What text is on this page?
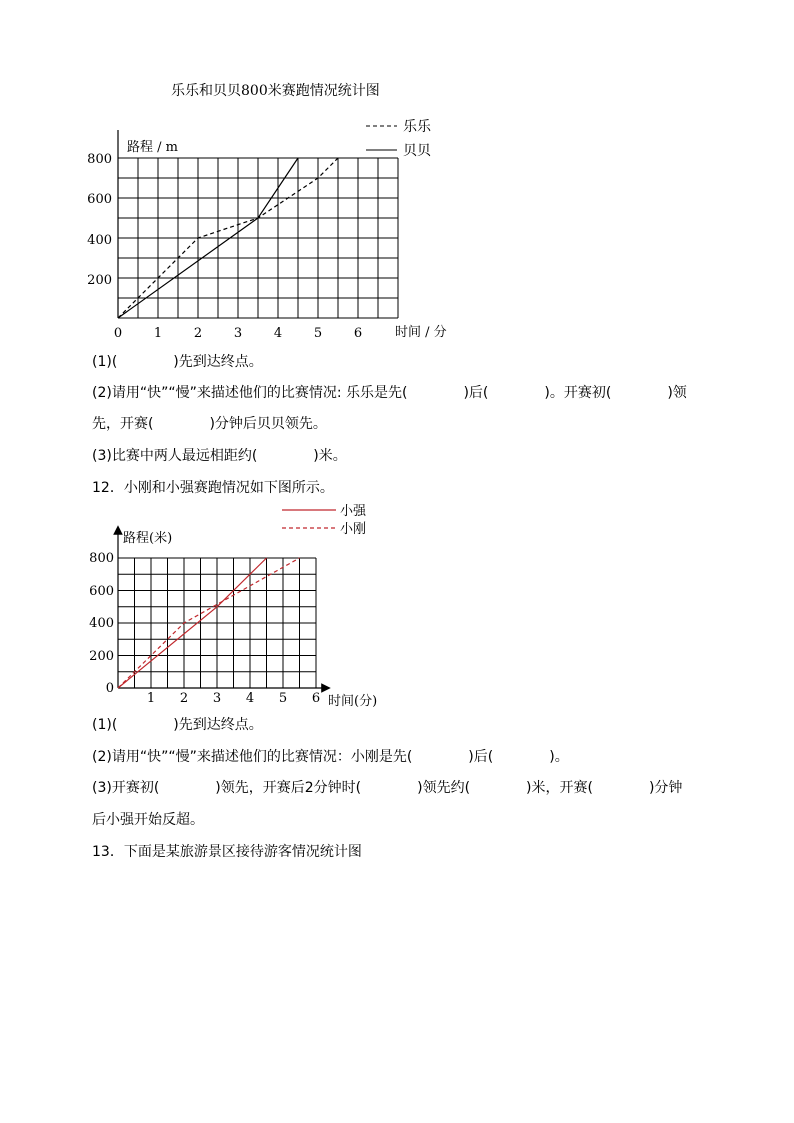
乐乐和贝贝800米赛跑情况统计图
乐乐
贝贝
路程 / m
时间 / 分
0 1 2 3 4 5 6
200
400
600
800
(1)(　　　　)先到达终点。
(2)请用“快”“慢”来描述他们的比赛情况: 乐乐是先(　　　　)后(　　　　)。开赛初(　　　　)领
先，开赛(　　　　)分钟后贝贝领先。
(3)比赛中两人最远相距约(　　　　)米。
12．小刚和小强赛跑情况如下图所示。
小强
小刚
路程(米)
时间(分)
1 2 3 4 5 6
0
200
400
600
800
(1)(　　　　)先到达终点。
(2)请用“快”“慢”来描述他们的比赛情况：小刚是先(　　　　)后(　　　　)。
(3)开赛初(　　　　)领先，开赛后2分钟时(　　　　)领先约(　　　　)米，开赛(　　　　)分钟
后小强开始反超。
13．下面是某旅游景区接待游客情况统计图
